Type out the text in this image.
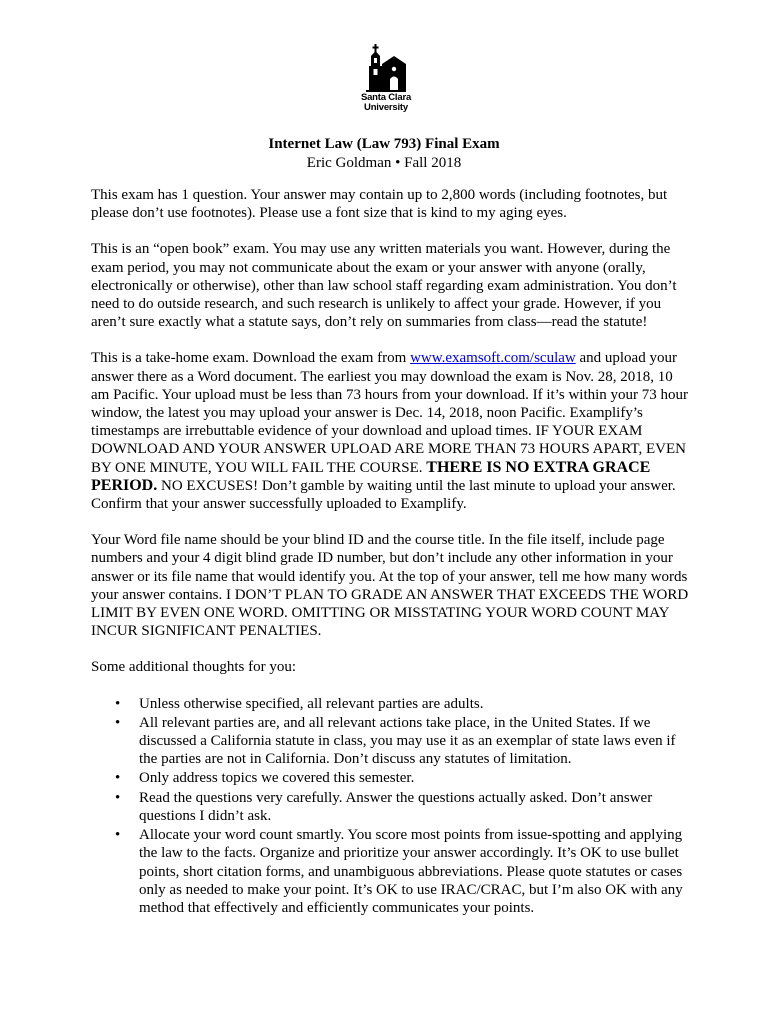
Santa Clara
University
Internet Law (Law 793) Final Exam
Eric Goldman • Fall 2018

This exam has 1 question. Your answer may contain up to 2,800 words (including footnotes, but please don’t use footnotes). Please use a font size that is kind to my aging eyes.

This is an “open book” exam. You may use any written materials you want. However, during the exam period, you may not communicate about the exam or your answer with anyone (orally, electronically or otherwise), other than law school staff regarding exam administration. You don’t need to do outside research, and such research is unlikely to affect your grade. However, if you aren’t sure exactly what a statute says, don’t rely on summaries from class—read the statute!

This is a take-home exam. Download the exam from www.examsoft.com/sculaw and upload your answer there as a Word document. The earliest you may download the exam is Nov. 28, 2018, 10 am Pacific. Your upload must be less than 73 hours from your download. If it’s within your 73 hour window, the latest you may upload your answer is Dec. 14, 2018, noon Pacific. Examplify’s timestamps are irrebuttable evidence of your download and upload times. IF YOUR EXAM DOWNLOAD AND YOUR ANSWER UPLOAD ARE MORE THAN 73 HOURS APART, EVEN BY ONE MINUTE, YOU WILL FAIL THE COURSE. THERE IS NO EXTRA GRACE PERIOD. NO EXCUSES! Don’t gamble by waiting until the last minute to upload your answer. Confirm that your answer successfully uploaded to Examplify.

Your Word file name should be your blind ID and the course title. In the file itself, include page numbers and your 4 digit blind grade ID number, but don’t include any other information in your answer or its file name that would identify you. At the top of your answer, tell me how many words your answer contains. I DON’T PLAN TO GRADE AN ANSWER THAT EXCEEDS THE WORD LIMIT BY EVEN ONE WORD. OMITTING OR MISSTATING YOUR WORD COUNT MAY INCUR SIGNIFICANT PENALTIES.

Some additional thoughts for you:

• Unless otherwise specified, all relevant parties are adults.
• All relevant parties are, and all relevant actions take place, in the United States. If we discussed a California statute in class, you may use it as an exemplar of state laws even if the parties are not in California. Don’t discuss any statutes of limitation.
• Only address topics we covered this semester.
• Read the questions very carefully. Answer the questions actually asked. Don’t answer questions I didn’t ask.
• Allocate your word count smartly. You score most points from issue-spotting and applying the law to the facts. Organize and prioritize your answer accordingly. It’s OK to use bullet points, short citation forms, and unambiguous abbreviations. Please quote statutes or cases only as needed to make your point. It’s OK to use IRAC/CRAC, but I’m also OK with any method that effectively and efficiently communicates your points.
